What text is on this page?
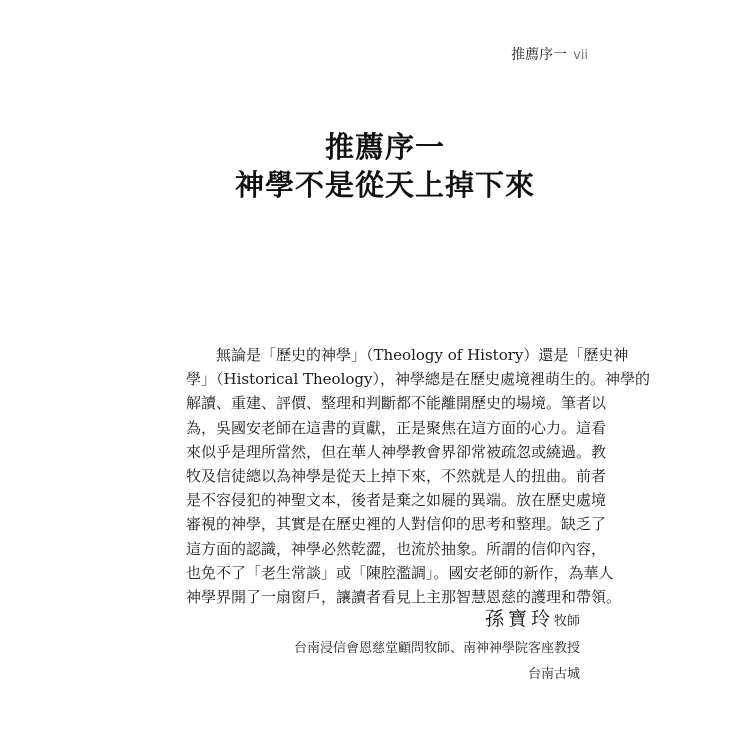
推薦序一 vii
推薦序一
神學不是從天上掉下來
無論是「歷史的神學」（Theology of History）還是「歷史神
學」（Historical Theology），神學總是在歷史處境裡萌生的。神學的
解讀、重建、評價、整理和判斷都不能離開歷史的場境。筆者以
為，吳國安老師在這書的貢獻，正是聚焦在這方面的心力。這看
來似乎是理所當然，但在華人神學教會界卻常被疏忽或繞過。教
牧及信徒總以為神學是從天上掉下來，不然就是人的扭曲。前者
是不容侵犯的神聖文本，後者是棄之如屣的異端。放在歷史處境
審視的神學，其實是在歷史裡的人對信仰的思考和整理。缺乏了
這方面的認識，神學必然乾澀，也流於抽象。所謂的信仰內容，
也免不了「老生常談」或「陳腔濫調」。國安老師的新作，為華人
神學界開了一扇窗戶，讓讀者看見上主那智慧恩慈的護理和帶領。
孫寶玲牧師
台南浸信會恩慈堂顧問牧師、南神神學院客座教授
台南古城
